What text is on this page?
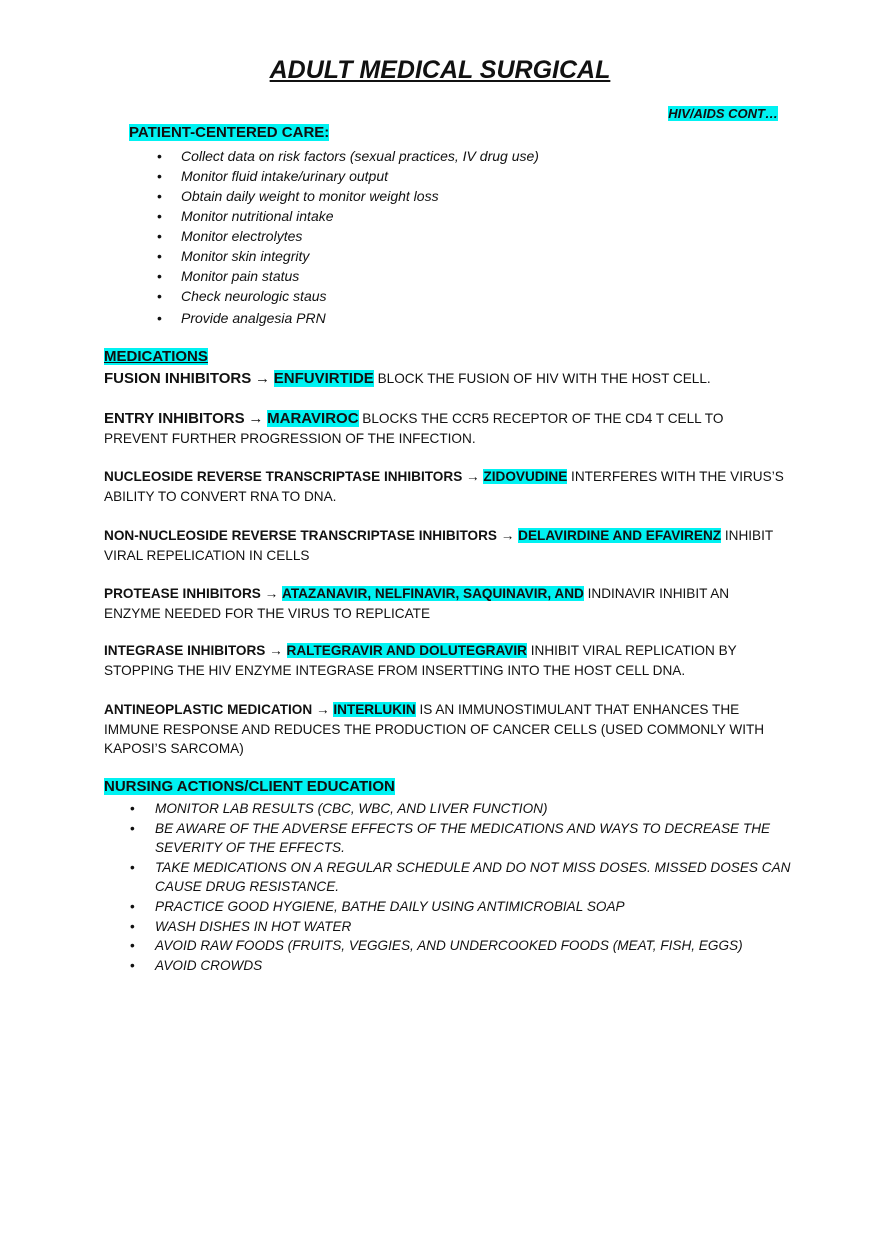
ADULT MEDICAL SURGICAL
HIV/AIDS CONT…
PATIENT-CENTERED CARE:
• Collect data on risk factors (sexual practices, IV drug use)
• Monitor fluid intake/urinary output
• Obtain daily weight to monitor weight loss
• Monitor nutritional intake
• Monitor electrolytes
• Monitor skin integrity
• Monitor pain status
• Check neurologic staus
• Provide analgesia PRN
MEDICATIONS
FUSION INHIBITORS → ENFUVIRTIDE BLOCK THE FUSION OF HIV WITH THE HOST CELL.
ENTRY INHIBITORS → MARAVIROC BLOCKS THE CCR5 RECEPTOR OF THE CD4 T CELL TO PREVENT FURTHER PROGRESSION OF THE INFECTION.
NUCLEOSIDE REVERSE TRANSCRIPTASE INHIBITORS → ZIDOVUDINE INTERFERES WITH THE VIRUS’S ABILITY TO CONVERT RNA TO DNA.
NON-NUCLEOSIDE REVERSE TRANSCRIPTASE INHIBITORS → DELAVIRDINE AND EFAVIRENZ INHIBIT VIRAL REPELICATION IN CELLS
PROTEASE INHIBITORS → ATAZANAVIR, NELFINAVIR, SAQUINAVIR, AND INDINAVIR INHIBIT AN ENZYME NEEDED FOR THE VIRUS TO REPLICATE
INTEGRASE INHIBITORS → RALTEGRAVIR AND DOLUTEGRAVIR INHIBIT VIRAL REPLICATION BY STOPPING THE HIV ENZYME INTEGRASE FROM INSERTTING INTO THE HOST CELL DNA.
ANTINEOPLASTIC MEDICATION → INTERLUKIN IS AN IMMUNOSTIMULANT THAT ENHANCES THE IMMUNE RESPONSE AND REDUCES THE PRODUCTION OF CANCER CELLS (USED COMMONLY WITH KAPOSI’S SARCOMA)
NURSING ACTIONS/CLIENT EDUCATION
• MONITOR LAB RESULTS (CBC, WBC, AND LIVER FUNCTION)
• BE AWARE OF THE ADVERSE EFFECTS OF THE MEDICATIONS AND WAYS TO DECREASE THE SEVERITY OF THE EFFECTS.
• TAKE MEDICATIONS ON A REGULAR SCHEDULE AND DO NOT MISS DOSES. MISSED DOSES CAN CAUSE DRUG RESISTANCE.
• PRACTICE GOOD HYGIENE, BATHE DAILY USING ANTIMICROBIAL SOAP
• WASH DISHES IN HOT WATER
• AVOID RAW FOODS (FRUITS, VEGGIES, AND UNDERCOOKED FOODS (MEAT, FISH, EGGS)
• AVOID CROWDS
